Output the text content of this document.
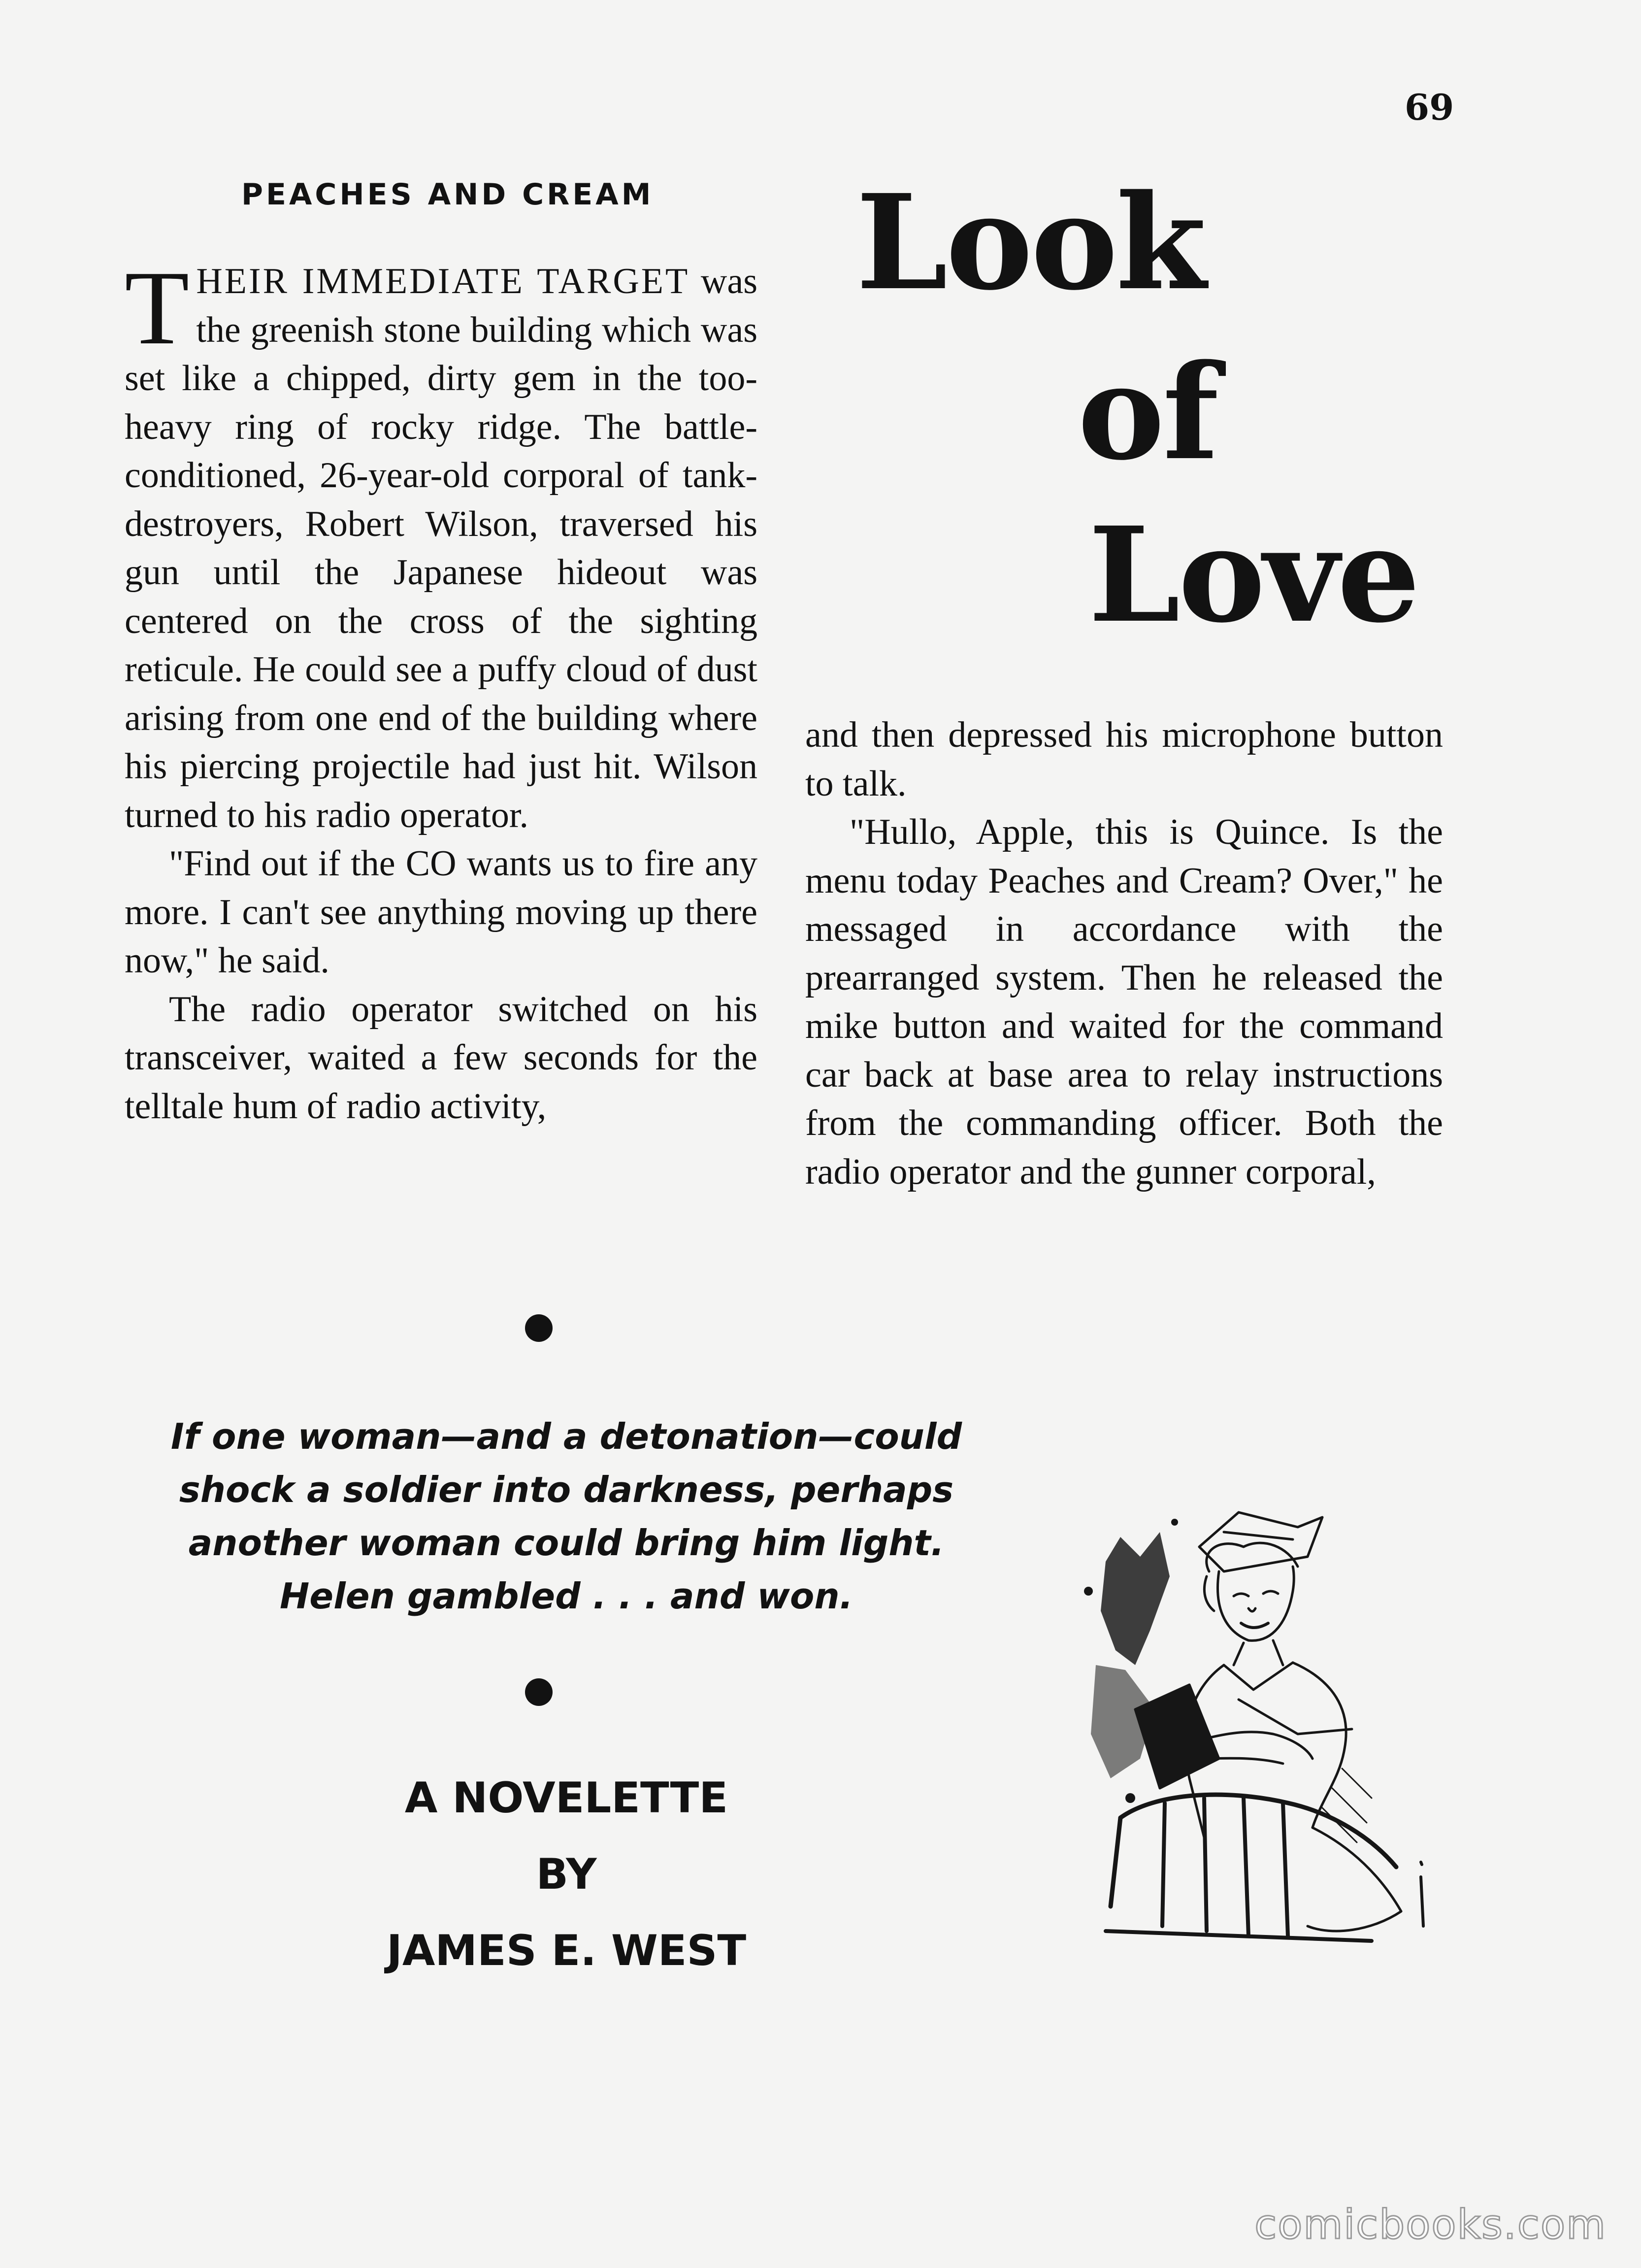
69
PEACHES AND CREAM Look
of
Love

THEIR IMMEDIATE TARGET was the greenish stone building which was set like a chipped, dirty gem in the too-heavy ring of rocky ridge. The battle-conditioned, 26-year-old corporal of tank-destroyers, Robert Wilson, traversed his gun until the Japanese hideout was centered on the cross of the sighting reticule. He could see a puffy cloud of dust arising from one end of the building where his piercing projectile had just hit. Wilson turned to his radio operator.

"Find out if the CO wants us to fire any more. I can't see anything moving up there now," he said.

The radio operator switched on his transceiver, waited a few seconds for the telltale hum of radio activity,

and then depressed his microphone button to talk.

"Hullo, Apple, this is Quince. Is the menu today Peaches and Cream? Over," he messaged in accordance with the prearranged system. Then he released the mike button and waited for the command car back at base area to relay instructions from the commanding officer. Both the radio operator and the gunner corporal,

If one woman—and a detonation—could
shock a soldier into darkness, perhaps
another woman could bring him light.
Helen gambled . . . and won.

A NOVELETTE
BY
JAMES E. WEST
comicbooks.com
